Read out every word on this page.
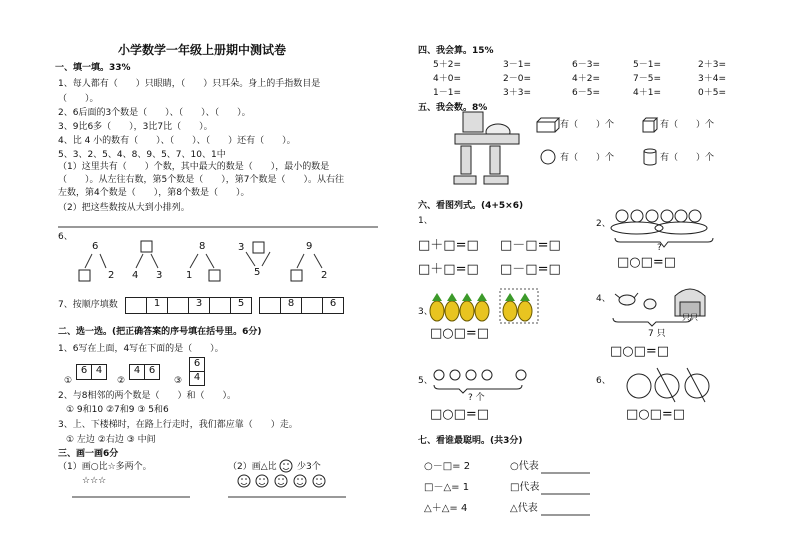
小学数学一年级上册期中测试卷
一、填一填。33%
1、每人都有（　　）只眼睛，（　　）只耳朵。身上的手指数目是
（　　）。
2、6后面的3个数是（　　）、（　　）、（　　）。
3、9比6多（　　），3比7比（　　）。
4、比 4 小的数有（　　）、（　　）、（　　）还有（　　）。
5、3、2、5、4、8、9、5、7、10、1中
（1）这里共有（　　）个数，其中最大的数是（　　），最小的数是
（　　）。从左往右数，第5个数是（　　），第7个数是（　　）。从右往
左数，第4个数是（　　），第8个数是（　　）。
（2）把这些数按从大到小排列。
6	8	3	9
2 4 3 1	5	2
6、
7、按顺序填数	1	3	5	8	6
二、选一选。(把正确答案的序号填在括号里。6分)
1、6写在上面，4写在下面的是（　　）。
①
6 4
②
4 6
③
6
4
2、与8相邻的两个数是（　　）和（　　）。
① 9和10 ②7和9 ③ 5和6
3、上、下楼梯时，在路上行走时，我们都应靠（　　）走。
① 左边 ②右边 ③ 中间
三、画一画6分
（1）画○比☆多两个。
☆☆☆
（2）画△比 少3个
四、我会算。15%
5＋2=	3－1=	6－3=	5－1=	2＋3=
4＋0=	2－0=	4＋2=	7－5=	3＋4=
1－1=	3＋3=	6－5=	4＋1=	0＋5=
五、我会数。8%
有（　　）个	有（　　）个
有（　　）个	有（　　）个
六、看图列式。(4+5×6)
1、
□＋□=□ □－□=□
□＋□=□ □－□=□
2、
?
□○□=□
3、
□○□=□
4、
只只
7 只
□○□=□
5、
? 个
□○□=□
6、
□○□=□
七、看谁最聪明。(共3分)
○－□= 2
□－△= 1
△＋△= 4
○代表
□代表
△代表
